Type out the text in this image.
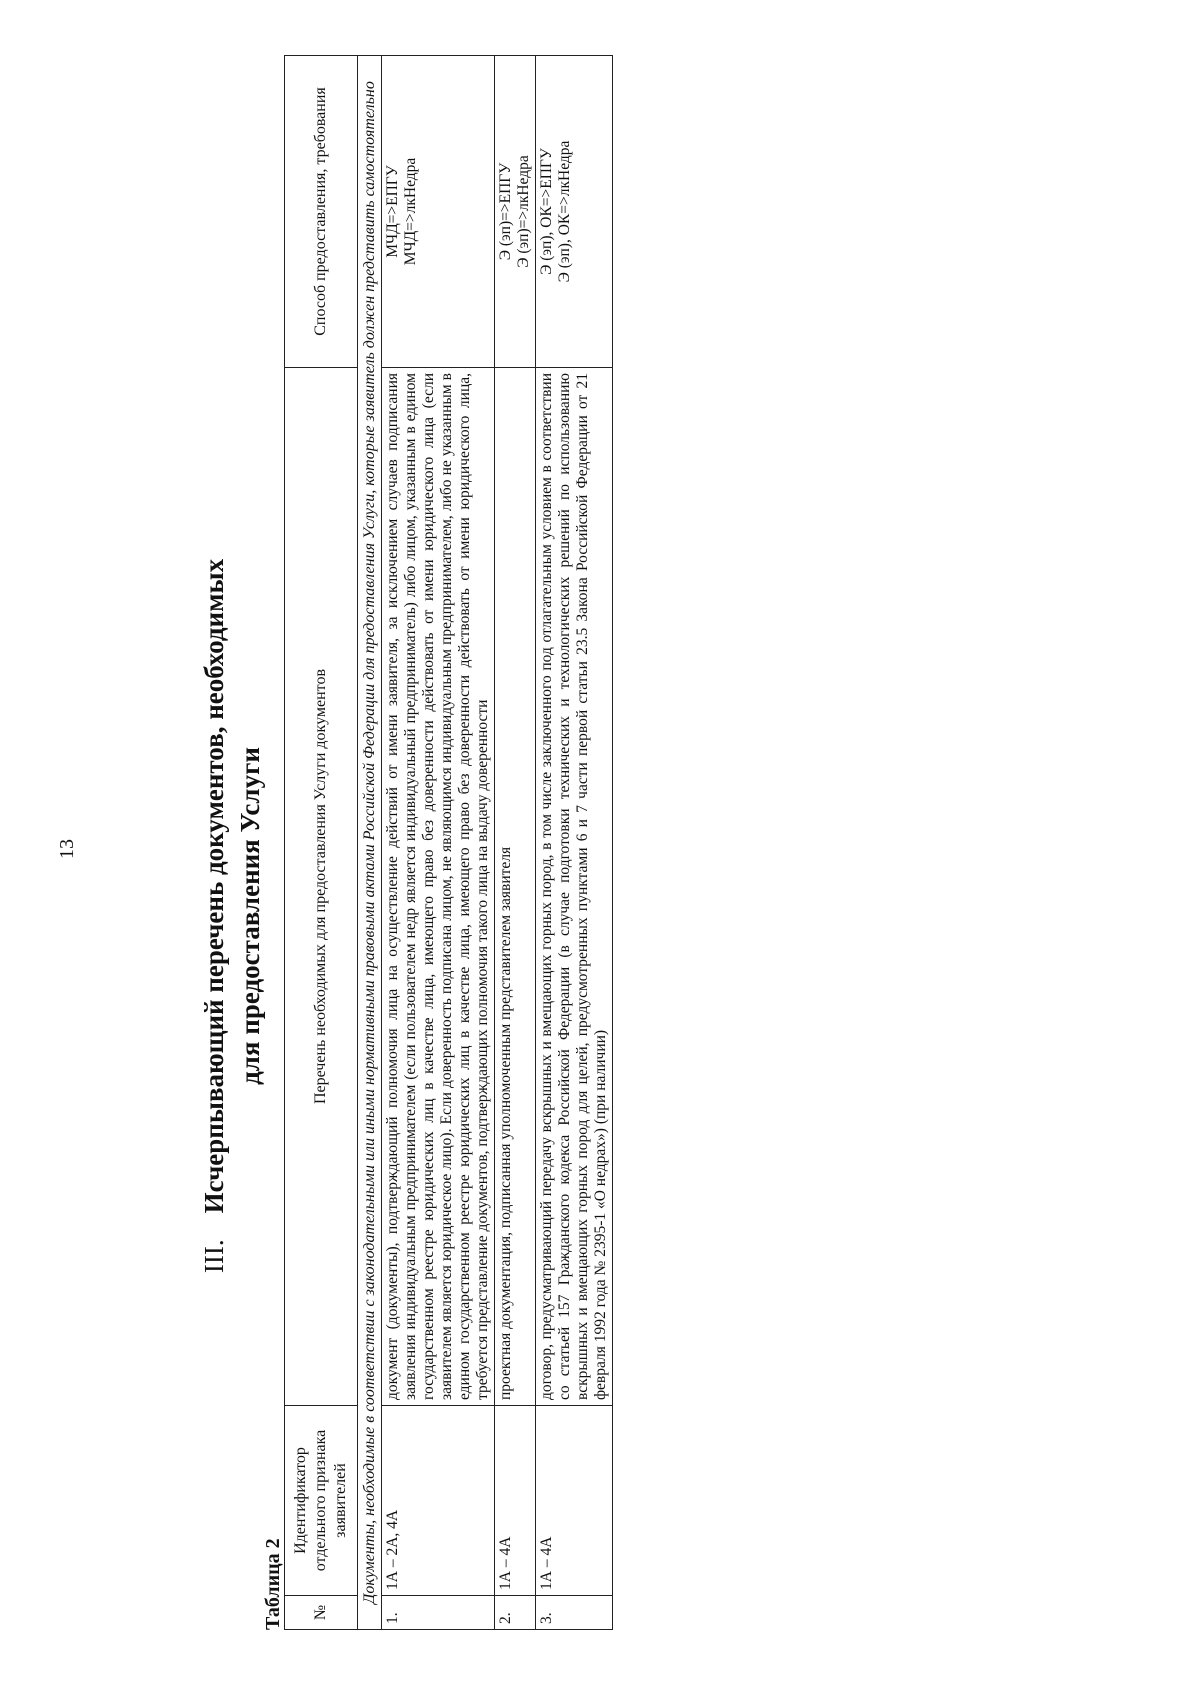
13
III.Исчерпывающий перечень документов, необходимых для предоставления Услуги
Таблица 2 №	Идентификатор отдельного признака заявителей	Перечень необходимых для предоставления Услуги документов	Способ предоставления, требования
Документы, необходимые в соответствии с законодательными или иными нормативными правовыми актами Российской Федерации для предоставления Услуги, которые заявитель должен представить самостоятельно			
1.	1А – 2А, 4А	документ (документы), подтверждающий полномочия лица на осуществление действий от имени заявителя, за исключением случаев подписания заявления индивидуальным предпринимателем (если пользователем недр является индивидуальный предприниматель) либо лицом, указанным в едином государственном реестре юридических лиц в качестве лица, имеющего право без доверенности действовать от имени юридического лица (если заявителем является юридическое лицо). Если доверенность подписана лицом, не являющимся индивидуальным предпринимателем, либо не указанным в едином государственном реестре юридических лиц в качестве лица, имеющего право без доверенности действовать от имени юридического лица, требуется представление документов, подтверждающих полномочия такого лица на выдачу доверенности	МЧД=>ЕПГУ МЧД=>лкНедра

2.	1А – 4А	проектная документация, подписанная уполномоченным представителем заявителя	Э (эп)=>ЕПГУ Э (эп)=>лкНедра

3.	1А – 4А	договор, предусматривающий передачу вскрышных и вмещающих горных пород, в том числе заключенного под отлагательным условием в соответствии со статьей 157 Гражданского кодекса Российской Федерации (в случае подготовки технических и технологических решений по использованию вскрышных и вмещающих горных пород для целей, предусмотренных пунктами 6 и 7 части первой статьи 23.5 Закона Российской Федерации от 21 февраля 1992 года № 2395-1 «О недрах») (при наличии)	Э (эп), ОК=>ЕПГУ Э (эп), ОК=>лкНедра
